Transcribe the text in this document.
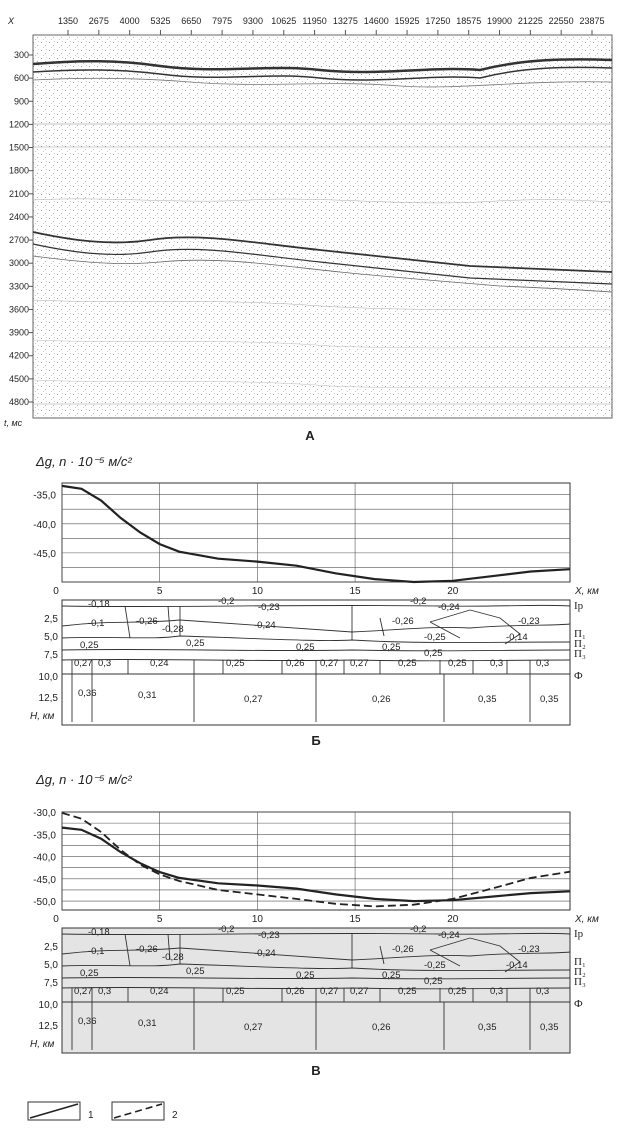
X	1350 2675 4000 5325 6650 7975 9300 10625 11950 13275 14600 15925 17250 18575 19900 21225 22550 23875
300
600
900
1200
1500
1800
2100
2400
2700
3000
3300
3600
3900
4200
4500
4800
t, мс
А
Δg, n · 10⁻⁵ м/с²
-35,0
-40,0
-45,0
0	5	10	15	20	X, км
Б
Δg, n · 10⁻⁵ м/с²
-30,0
-35,0
-40,0
-45,0
-50,0
0	5	10	15	20	X, км
В
1	2
2,5
5,0
7,5
10,0
12,5
H, км
Ір
П₁
П₂
П₃
Ф
-0,18	-0,2
-0,23
-0,2
-0,24
-0,1	-0,26
-0,28	-0,24	-0,26	-0,23
-0,25	-0,14
0,25	0,25	0,25	0,25
0,25
0,27 0,3	0,24	0,25	0,26 0,27 0,27	0,25	0,25 0,3	0,3
0,36	0,31	0,27	0,26	0,35	0,35
2,5
5,0
7,5
10,0
12,5
H, км
Ір
П₁
П₂
П₃
Ф
-0,18	-0,2
-0,23
-0,2
-0,24
-0,1	-0,26
-0,28	-0,24	-0,26	-0,23
-0,25	-0,14
0,25	0,25	0,25	0,25
0,25
0,27 0,3	0,24	0,25	0,26 0,27 0,27	0,25	0,25 0,3	0,3
0,36	0,31	0,27	0,26	0,35	0,35
